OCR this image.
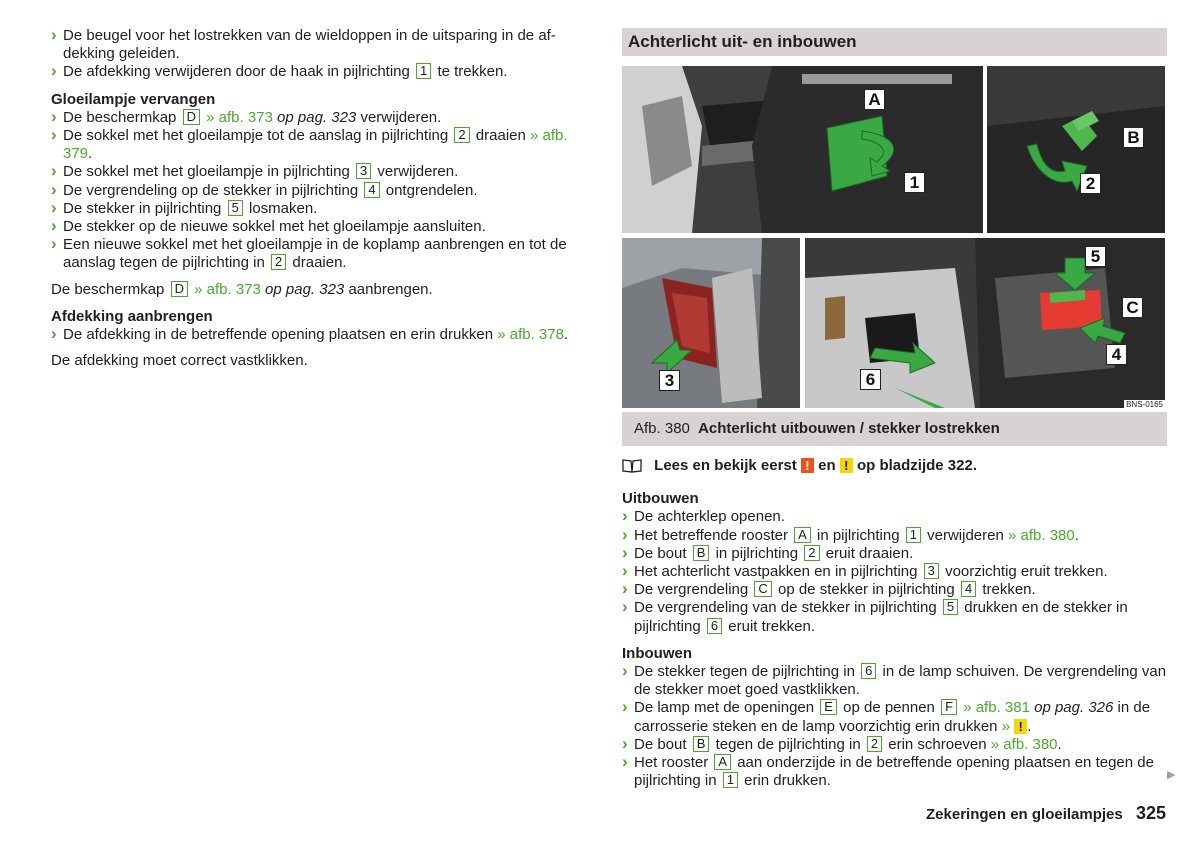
› De beugel voor het lostrekken van de wieldoppen in de uitsparing in de af-dekking geleiden.
› De afdekking verwijderen door de haak in pijlrichting 1 te trekken.
Gloeilampje vervangen
› De beschermkap D » afb. 373 op pag. 323 verwijderen.
› De sokkel met het gloeilampje tot de aanslag in pijlrichting 2 draaien » afb. 379.
› De sokkel met het gloeilampje in pijlrichting 3 verwijderen.
› De vergrendeling op de stekker in pijlrichting 4 ontgrendelen.
› De stekker in pijlrichting 5 losmaken.
› De stekker op de nieuwe sokkel met het gloeilampje aansluiten.
› Een nieuwe sokkel met het gloeilampje in de koplamp aanbrengen en tot de aanslag tegen de pijlrichting in 2 draaien.
De beschermkap D » afb. 373 op pag. 323 aanbrengen.
Afdekking aanbrengen
› De afdekking in de betreffende opening plaatsen en erin drukken » afb. 378.
De afdekking moet correct vastklikken.
Achterlicht uit- en inbouwen
A
1
B
2
3
5
C
4
6
BNS-0165
Afb. 380 Achterlicht uitbouwen / stekker lostrekken
Lees en bekijk eerst ! en ! op bladzijde 322.
Uitbouwen
› De achterklep openen.
› Het betreffende rooster A in pijlrichting 1 verwijderen » afb. 380.
› De bout B in pijlrichting 2 eruit draaien.
› Het achterlicht vastpakken en in pijlrichting 3 voorzichtig eruit trekken.
› De vergrendeling C op de stekker in pijlrichting 4 trekken.
› De vergrendeling van de stekker in pijlrichting 5 drukken en de stekker in pijlrichting 6 eruit trekken.
Inbouwen
› De stekker tegen de pijlrichting in 6 in de lamp schuiven. De vergrendeling van de stekker moet goed vastklikken.
› De lamp met de openingen E op de pennen F » afb. 381 op pag. 326 in de carrosserie steken en de lamp voorzichtig erin drukken » ! .
› De bout B tegen de pijlrichting in 2 erin schroeven » afb. 380.
› Het rooster A aan onderzijde in de betreffende opening plaatsen en tegen de pijlrichting in 1 erin drukken.	▶
Zekeringen en gloeilampjes 325
